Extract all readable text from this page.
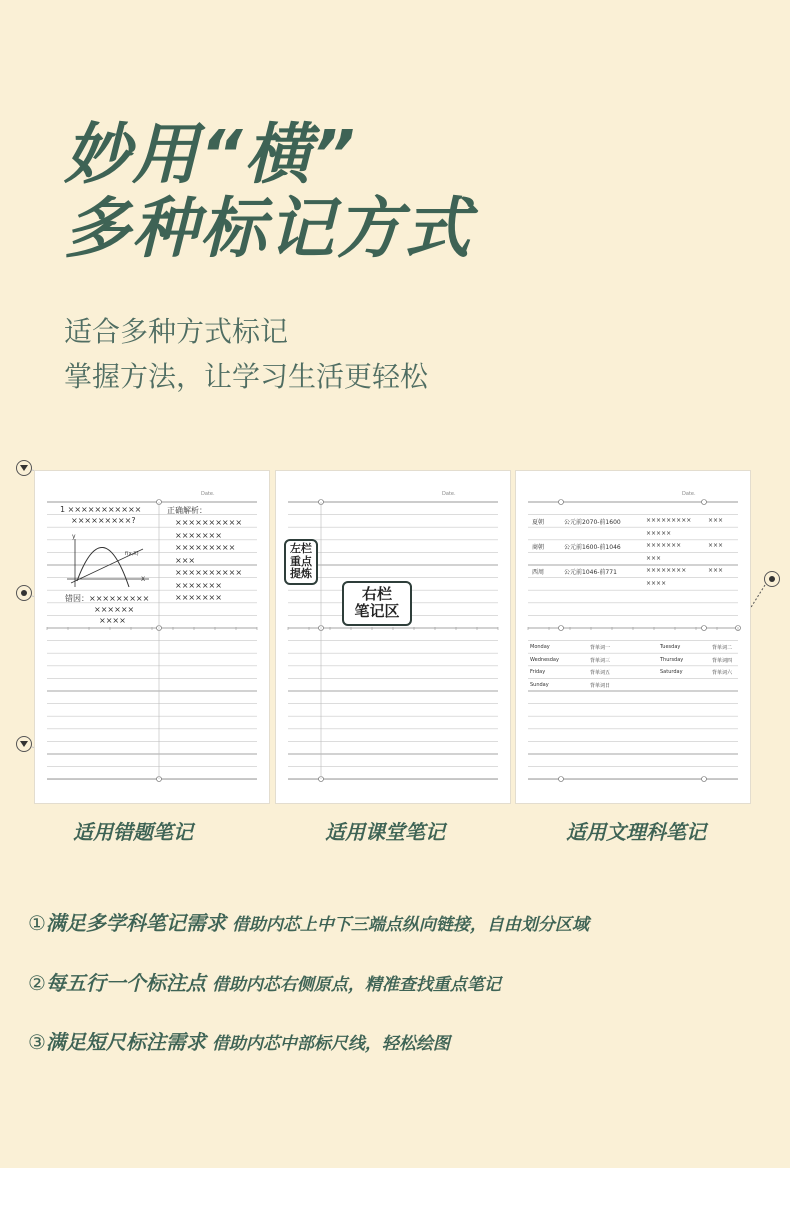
妙用“横”
多种标记方式
适合多种方式标记
掌握方法，让学习生活更轻松
Date.
1 ×××××××××××
×××××××××?
正确解析：
××××××××××
×××××××
×××××××××
×××
××××××××××
×××××××
×××××××
f(x,X)
X
y
错因： ×××××××××
××××××
××××
Date.
左栏
重点
提炼
右栏
笔记区
Date.
夏朝	公元前2070-前1600	×××××××××	×××
×××××
商朝	公元前1600-前1046	×××××××	×××
×××
西周	公元前1046-前771	××××××××	×××
××××
Monday	背单词一	Tuesday	背单词二
Wednesday	背单词三	Thursday	背单词四
Friday	背单词五	Saturday	背单词六
Sunday	背单词日
适用错题笔记	适用课堂笔记	适用文理科笔记
①满足多学科笔记需求 借助内芯上中下三端点纵向链接，自由划分区域
②每五行一个标注点 借助内芯右侧原点，精准查找重点笔记
③满足短尺标注需求 借助内芯中部标尺线，轻松绘图
